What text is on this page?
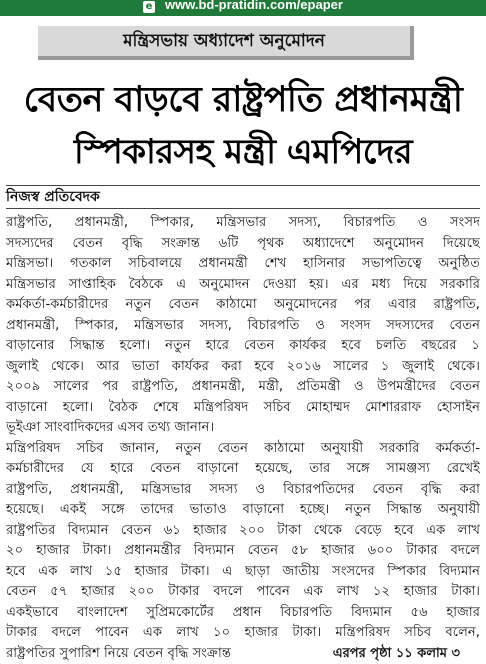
e www.bd-pratidin.com/epaper
মন্ত্রিসভায় অধ্যাদেশ অনুমোদন
বেতন বাড়বে রাষ্ট্রপতি প্রধানমন্ত্রী
স্পিকারসহ মন্ত্রী এমপিদের
নিজস্ব প্রতিবেদক
রাষ্ট্রপতি, প্রধানমন্ত্রী, স্পিকার, মন্ত্রিসভার সদস্য, বিচারপতি ও সংসদ
সদস্যদের বেতন বৃদ্ধি সংক্রান্ত ৬টি পৃথক অধ্যাদেশে অনুমোদন দিয়েছে
মন্ত্রিসভা। গতকাল সচিবালয়ে প্রধানমন্ত্রী শেখ হাসিনার সভাপতিত্বে অনুষ্ঠিত
মন্ত্রিসভার সাপ্তাহিক বৈঠকে এ অনুমোদন দেওয়া হয়। এর মধ্য দিয়ে সরকারি
কর্মকর্তা-কর্মচারীদের নতুন বেতন কাঠামো অনুমোদনের পর এবার রাষ্ট্রপতি,
প্রধানমন্ত্রী, স্পিকার, মন্ত্রিসভার সদস্য, বিচারপতি ও সংসদ সদস্যদের বেতন
বাড়ানোর সিদ্ধান্ত হলো। নতুন হারে বেতন কার্যকর হবে চলতি বছরের ১
জুলাই থেকে। আর ভাতা কার্যকর করা হবে ২০১৬ সালের ১ জুলাই থেকে।
২০০৯ সালের পর রাষ্ট্রপতি, প্রধানমন্ত্রী, মন্ত্রী, প্রতিমন্ত্রী ও উপমন্ত্রীদের বেতন
বাড়ানো হলো। বৈঠক শেষে মন্ত্রিপরিষদ সচিব মোহাম্মদ মোশাররাফ হোসাইন
ভূইঞা সাংবাদিকদের এসব তথ্য জানান।
মন্ত্রিপরিষদ সচিব জানান, নতুন বেতন কাঠামো অনুযায়ী সরকারি কর্মকর্তা-
কর্মচারীদের যে হারে বেতন বাড়ানো হয়েছে, তার সঙ্গে সামঞ্জস্য রেখেই
রাষ্ট্রপতি, প্রধানমন্ত্রী, মন্ত্রিসভার সদস্য ও বিচারপতিদের বেতন বৃদ্ধি করা
হয়েছে। একই সঙ্গে তাদের ভাতাও বাড়ানো হচ্ছে। নতুন সিদ্ধান্ত অনুযায়ী
রাষ্ট্রপতির বিদ্যমান বেতন ৬১ হাজার ২০০ টাকা থেকে বেড়ে হবে এক লাখ
২০ হাজার টাকা। প্রধানমন্ত্রীর বিদ্যমান বেতন ৫৮ হাজার ৬০০ টাকার বদলে
হবে এক লাখ ১৫ হাজার টাকা। এ ছাড়া জাতীয় সংসদের স্পিকার বিদ্যমান
বেতন ৫৭ হাজার ২০০ টাকার বদলে পাবেন এক লাখ ১২ হাজার টাকা।
একইভাবে বাংলাদেশ সুপ্রিমকোর্টের প্রধান বিচারপতি বিদ্যমান ৫৬ হাজার
টাকার বদলে পাবেন এক লাখ ১০ হাজার টাকা। মন্ত্রিপরিষদ সচিব বলেন,
রাষ্ট্রপতির সুপারিশ নিয়ে বেতন বৃদ্ধি সংক্রান্ত	এরপর পৃষ্ঠা ১১ কলাম ৩
